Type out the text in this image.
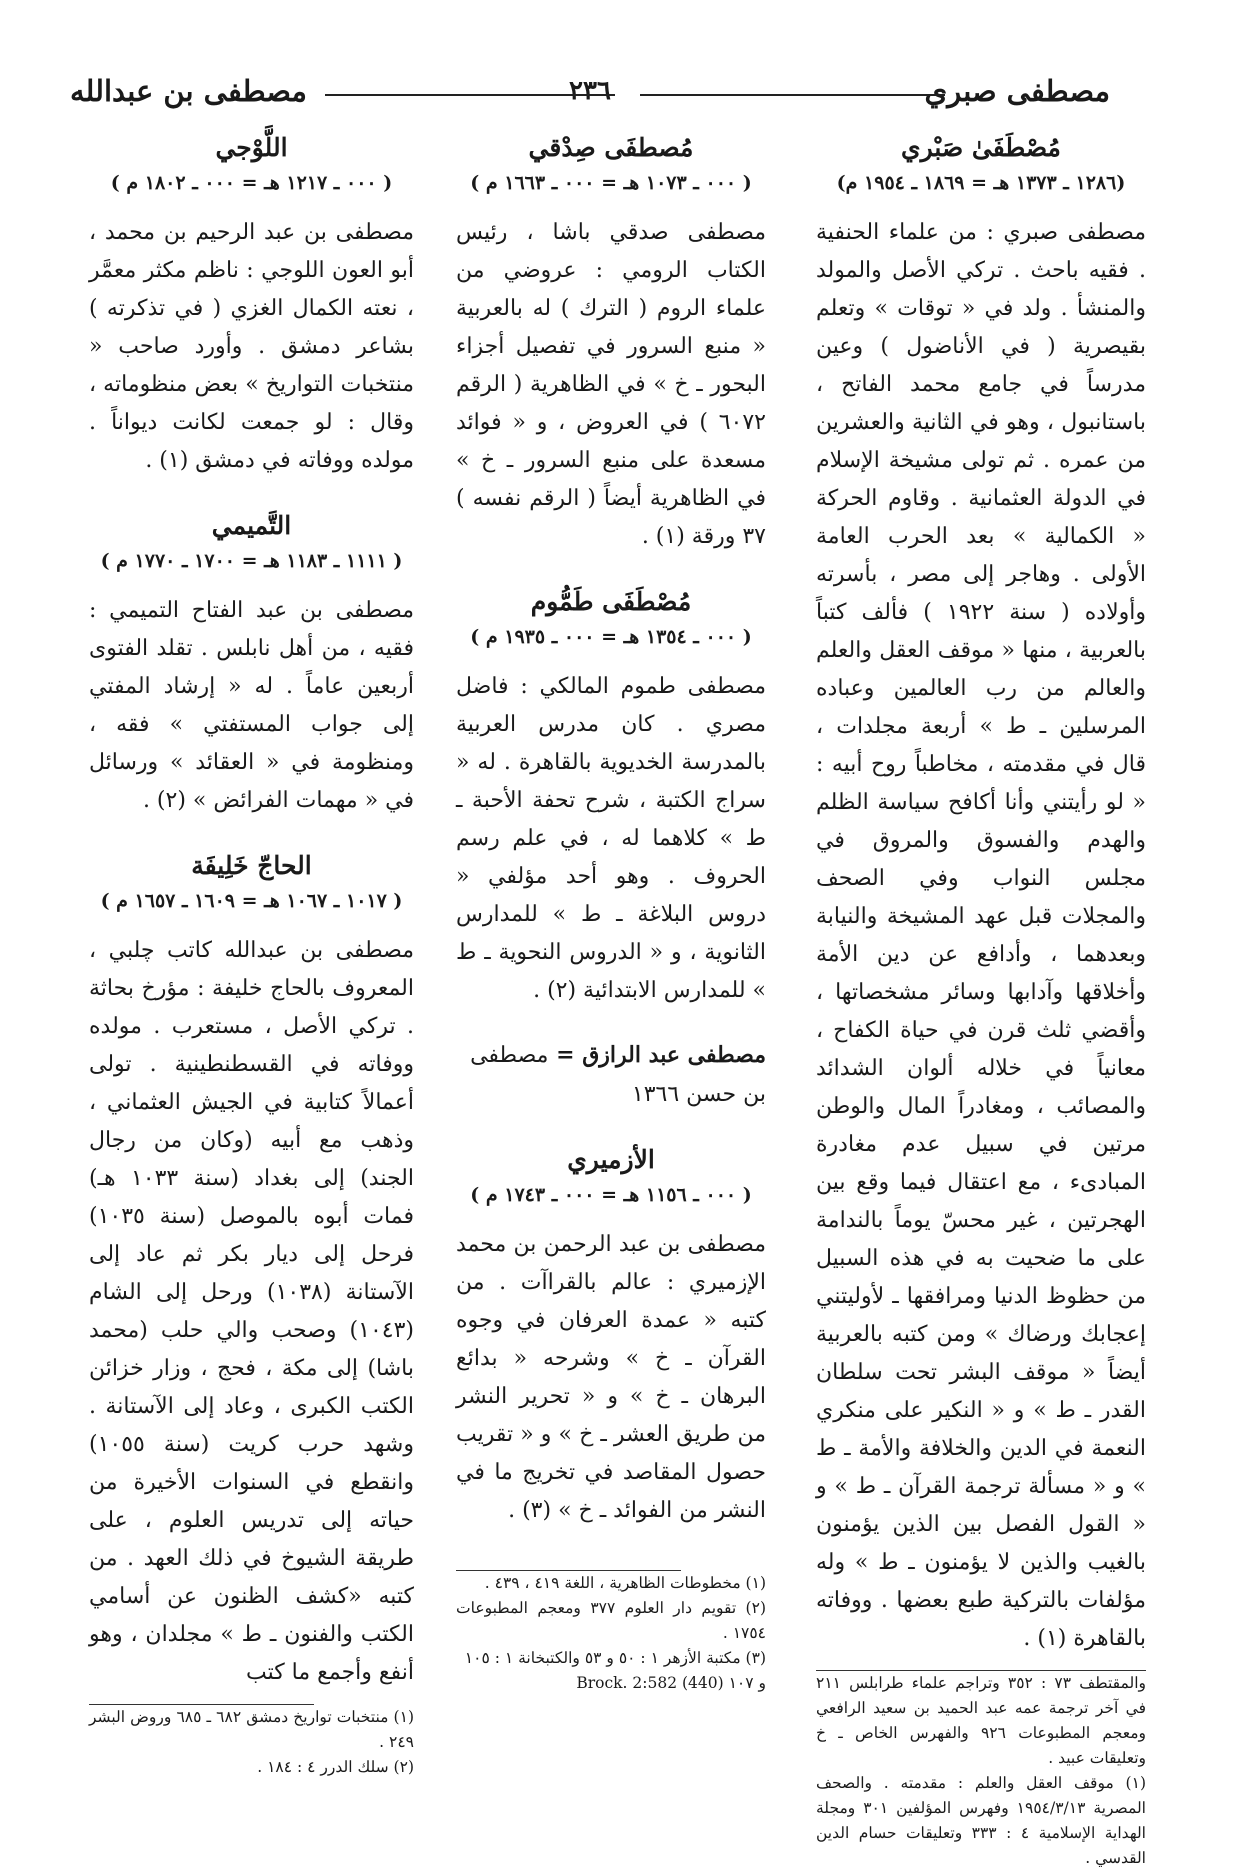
مصطفى صبري
٢٣٦
مصطفى بن عبدالله

مُصْطَفَىٰ صَبْري

(١٢٨٦ ـ ١٣٧٣ هـ = ١٨٦٩ ـ ١٩٥٤ م)

مصطفى صبري : من علماء الحنفية . فقيه باحث . تركي الأصل والمولد والمنشأ . ولد في « توقات » وتعلم بقيصرية ( في الأناضول ) وعين مدرساً في جامع محمد الفاتح ، باستانبول ، وهو في الثانية والعشرين من عمره . ثم تولى مشيخة الإسلام في الدولة العثمانية . وقاوم الحركة « الكمالية » بعد الحرب العامة الأولى . وهاجر إلى مصر ، بأسرته وأولاده ( سنة ١٩٢٢ ) فألف كتباً بالعربية ، منها « موقف العقل والعلم والعالم من رب العالمين وعباده المرسلين ـ ط » أربعة مجلدات ، قال في مقدمته ، مخاطباً روح أبيه : « لو رأيتني وأنا أكافح سياسة الظلم والهدم والفسوق والمروق في مجلس النواب وفي الصحف والمجلات قبل عهد المشيخة والنيابة وبعدهما ، وأدافع عن دين الأمة وأخلاقها وآدابها وسائر مشخصاتها ، وأقضي ثلث قرن في حياة الكفاح ، معانياً في خلاله ألوان الشدائد والمصائب ، ومغادراً المال والوطن مرتين في سبيل عدم مغادرة المبادىء ، مع اعتقال فيما وقع بين الهجرتين ، غير محسّ يوماً بالندامة على ما ضحيت به في هذه السبيل من حظوظ الدنيا ومرافقها ـ لأوليتني إعجابك ورضاك » ومن كتبه بالعربية أيضاً « موقف البشر تحت سلطان القدر ـ ط » و « النكير على منكري النعمة في الدين والخلافة والأمة ـ ط » و « مسألة ترجمة القرآن ـ ط » و « القول الفصل بين الذين يؤمنون بالغيب والذين لا يؤمنون ـ ط » وله مؤلفات بالتركية طبع بعضها . ووفاته بالقاهرة (١) .

والمقتطف ٧٣ : ٣٥٢ وتراجم علماء طرابلس ٢١١ في آخر ترجمة عمه عبد الحميد بن سعيد الرافعي ومعجم المطبوعات ٩٢٦ والفهرس الخاص ـ خ وتعليقات عبيد .

(١) موقف العقل والعلم : مقدمته . والصحف المصرية ١٩٥٤/٣/١٣ وفهرس المؤلفين ٣٠١ ومجلة الهداية الإسلامية ٤ : ٣٣٣ وتعليقات حسام الدين القدسي .

مُصطفَى صِدْقي

( ٠٠٠ ـ ١٠٧٣ هـ = ٠٠٠ ـ ١٦٦٣ م )

مصطفى صدقي باشا ، رئيس الكتاب الرومي : عروضي من علماء الروم ( الترك ) له بالعربية « منبع السرور في تفصيل أجزاء البحور ـ خ » في الظاهرية ( الرقم ٦٠٧٢ ) في العروض ، و « فوائد مسعدة على منبع السرور ـ خ » في الظاهرية أيضاً ( الرقم نفسه ) ٣٧ ورقة (١) .

مُصْطَفَى طَمُّوم

( ٠٠٠ ـ ١٣٥٤ هـ = ٠٠٠ ـ ١٩٣٥ م )

مصطفى طموم المالكي : فاضل مصري . كان مدرس العربية بالمدرسة الخديوية بالقاهرة . له « سراج الكتبة ، شرح تحفة الأحبة ـ ط » كلاهما له ، في علم رسم الحروف . وهو أحد مؤلفي « دروس البلاغة ـ ط » للمدارس الثانوية ، و « الدروس النحوية ـ ط » للمدارس الابتدائية (٢) .

مصطفى عبد الرازق = مصطفى بن حسن ١٣٦٦

الأزميري

( ٠٠٠ ـ ١١٥٦ هـ = ٠٠٠ ـ ١٧٤٣ م )

مصطفى بن عبد الرحمن بن محمد الإزميري : عالم بالقراآت . من كتبه « عمدة العرفان في وجوه القرآن ـ خ » وشرحه « بدائع البرهان ـ خ » و « تحرير النشر من طريق العشر ـ خ » و « تقريب حصول المقاصد في تخريج ما في النشر من الفوائد ـ خ » (٣) .

(١) مخطوطات الظاهرية ، اللغة ٤١٩ ، ٤٣٩ .

(٢) تقويم دار العلوم ٣٧٧ ومعجم المطبوعات ١٧٥٤ .

(٣) مكتبة الأزهر ١ : ٥٠ و ٥٣ والكتبخانة ١ : ١٠٥

Brock. 2:582 (440) و ١٠٧

اللَّوْجي

( ٠٠٠ ـ ١٢١٧ هـ = ٠٠٠ ـ ١٨٠٢ م )

مصطفى بن عبد الرحيم بن محمد ، أبو العون اللوجي : ناظم مكثر معمَّر ، نعته الكمال الغزي ( في تذكرته ) بشاعر دمشق . وأورد صاحب « منتخبات التواريخ » بعض منظوماته ، وقال : لو جمعت لكانت ديواناً . مولده ووفاته في دمشق (١) .

التَّميمي

( ١١١١ ـ ١١٨٣ هـ = ١٧٠٠ ـ ١٧٧٠ م )

مصطفى بن عبد الفتاح التميمي : فقيه ، من أهل نابلس . تقلد الفتوى أربعين عاماً . له « إرشاد المفتي إلى جواب المستفتي » فقه ، ومنظومة في « العقائد » ورسائل في « مهمات الفرائض » (٢) .

الحاجّ خَلِيفَة

( ١٠١٧ ـ ١٠٦٧ هـ = ١٦٠٩ ـ ١٦٥٧ م )

مصطفى بن عبدالله كاتب چلبي ، المعروف بالحاج خليفة : مؤرخ بحاثة . تركي الأصل ، مستعرب . مولده ووفاته في القسطنطينية . تولى أعمالاً كتابية في الجيش العثماني ، وذهب مع أبيه (وكان من رجال الجند) إلى بغداد (سنة ١٠٣٣ هـ) فمات أبوه بالموصل (سنة ١٠٣٥) فرحل إلى ديار بكر ثم عاد إلى الآستانة (١٠٣٨) ورحل إلى الشام (١٠٤٣) وصحب والي حلب (محمد باشا) إلى مكة ، فحج ، وزار خزائن الكتب الكبرى ، وعاد إلى الآستانة . وشهد حرب كريت (سنة ١٠٥٥) وانقطع في السنوات الأخيرة من حياته إلى تدريس العلوم ، على طريقة الشيوخ في ذلك العهد . من كتبه «كشف الظنون عن أسامي الكتب والفنون ـ ط » مجلدان ، وهو أنفع وأجمع ما كتب

(١) منتخبات تواريخ دمشق ٦٨٢ ـ ٦٨٥ وروض البشر ٢٤٩ .

(٢) سلك الدرر ٤ : ١٨٤ .
